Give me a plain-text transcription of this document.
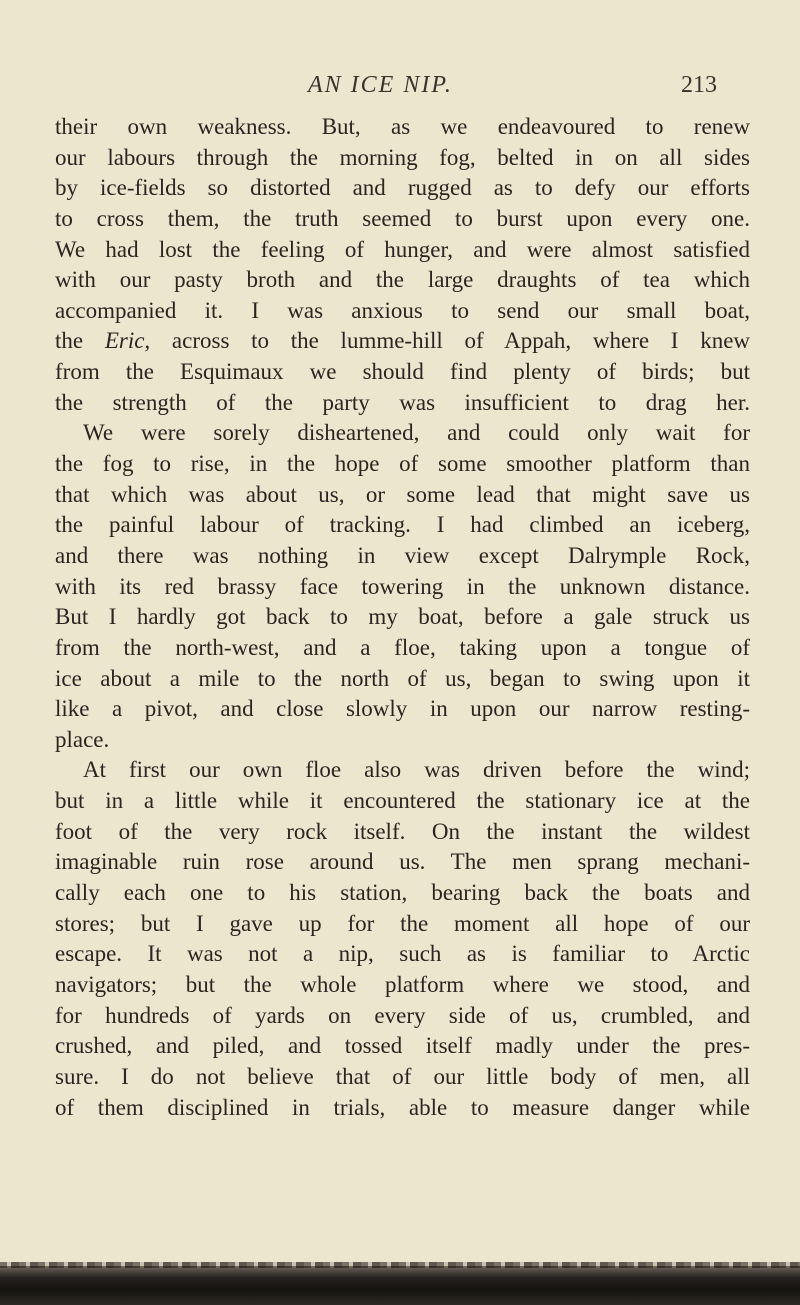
AN ICE NIP.	213
their own weakness. But, as we endeavoured to renew
our labours through the morning fog, belted in on all sides
by ice-fields so distorted and rugged as to defy our efforts
to cross them, the truth seemed to burst upon every one.
We had lost the feeling of hunger, and were almost satisfied
with our pasty broth and the large draughts of tea which
accompanied it. I was anxious to send our small boat,
the Eric, across to the lumme-hill of Appah, where I knew
from the Esquimaux we should find plenty of birds; but
the strength of the party was insufficient to drag her.
We were sorely disheartened, and could only wait for
the fog to rise, in the hope of some smoother platform than
that which was about us, or some lead that might save us
the painful labour of tracking. I had climbed an iceberg,
and there was nothing in view except Dalrymple Rock,
with its red brassy face towering in the unknown distance.
But I hardly got back to my boat, before a gale struck us
from the north-west, and a floe, taking upon a tongue of
ice about a mile to the north of us, began to swing upon it
like a pivot, and close slowly in upon our narrow resting-
place.
At first our own floe also was driven before the wind;
but in a little while it encountered the stationary ice at the
foot of the very rock itself. On the instant the wildest
imaginable ruin rose around us. The men sprang mechani-
cally each one to his station, bearing back the boats and
stores; but I gave up for the moment all hope of our
escape. It was not a nip, such as is familiar to Arctic
navigators; but the whole platform where we stood, and
for hundreds of yards on every side of us, crumbled, and
crushed, and piled, and tossed itself madly under the pres-
sure. I do not believe that of our little body of men, all
of them disciplined in trials, able to measure danger while
